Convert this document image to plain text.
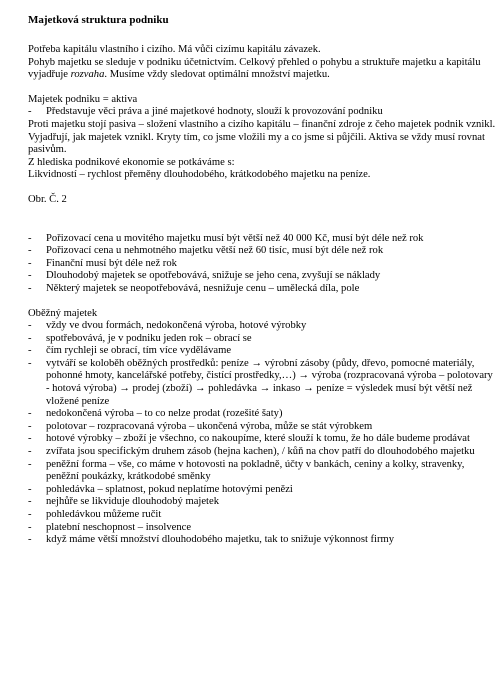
Majetková struktura podniku

Potřeba kapitálu vlastního i cizího. Má vůči cizímu kapitálu závazek.

Pohyb majetku se sleduje v podniku účetnictvím. Celkový přehled o pohybu a struktuře majetku a kapitálu vyjadřuje rozvaha. Musíme vždy sledovat optimální množství majetku.

Majetek podniku = aktiva

- Představuje věci práva a jiné majetkové hodnoty, slouží k provozování podniku

Proti majetku stojí pasiva – složení vlastního a cizího kapitálu – finanční zdroje z čeho majetek podnik vznikl. Vyjadřují, jak majetek vznikl. Kryty tím, co jsme vložili my a co jsme si půjčili. Aktiva se vždy musí rovnat pasivům.

Z hlediska podnikové ekonomie se potkáváme s:

Likvidností – rychlost přeměny dlouhodobého, krátkodobého majetku na peníze.

Obr. Č. 2

- Pořizovací cena u movitého majetku musí být větší než 40 000 Kč, musí být déle než rok
- Pořizovací cena u nehmotného majetku větší než 60 tisíc, musí být déle než rok
- Finanční musí být déle než rok
- Dlouhodobý majetek se opotřebovává, snižuje se jeho cena, zvyšují se náklady
- Některý majetek se neopotřebovává, nesnižuje cenu – umělecká díla, pole

Oběžný majetek

- vždy ve dvou formách, nedokončená výroba, hotové výrobky
- spotřebovává, je v podniku jeden rok – obrací se
- čím rychleji se obrací, tím více vydělávame
- vytváří se koloběh oběžných prostředků: peníze → výrobní zásoby (půdy, dřevo, pomocné materiály, pohonné hmoty, kancelářské potřeby, čistící prostředky,…) → výroba (rozpracovaná výroba – polotovary - hotová výroba) → prodej (zboží) → pohledávka → inkaso → peníze = výsledek musí být větší než vložené peníze
- nedokončená výroba – to co nelze prodat (rozešité šaty)
- polotovar – rozpracovaná výroba – ukončená výroba, může se stát výrobkem
- hotové výrobky – zboží je všechno, co nakoupíme, které slouží k tomu, že ho dále budeme prodávat
- zvířata jsou specifickým druhem zásob (hejna kachen), / kůň na chov patří do dlouhodobého majetku
- peněžní forma – vše, co máme v hotovosti na pokladně, účty v bankách, ceniny a kolky, stravenky, peněžní poukázky, krátkodobé směnky
- pohledávka – splatnost, pokud neplatíme hotovými penězi
- nejhůře se likviduje dlouhodobý majetek
- pohledávkou můžeme ručit
- platební neschopnost – insolvence
- když máme větší množství dlouhodobého majetku, tak to snižuje výkonnost firmy
